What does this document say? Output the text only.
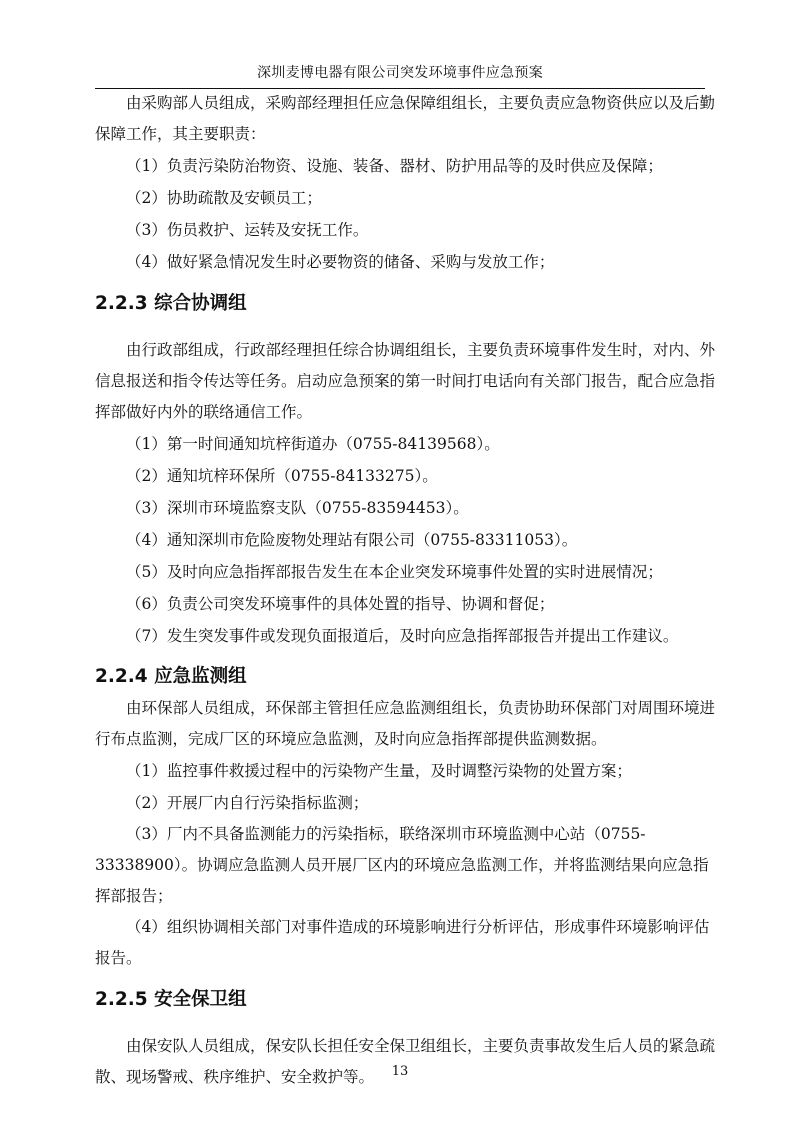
深圳麦博电器有限公司突发环境事件应急预案

由采购部人员组成，采购部经理担任应急保障组组长，主要负责应急物资供应以及后勤保障工作，其主要职责：

（1）负责污染防治物资、设施、装备、器材、防护用品等的及时供应及保障；

（2）协助疏散及安顿员工；

（3）伤员救护、运转及安抚工作。

（4）做好紧急情况发生时必要物资的储备、采购与发放工作；

2.2.3 综合协调组

由行政部组成，行政部经理担任综合协调组组长，主要负责环境事件发生时，对内、外信息报送和指令传达等任务。启动应急预案的第一时间打电话向有关部门报告，配合应急指挥部做好内外的联络通信工作。

（1）第一时间通知坑梓街道办（0755-84139568）。

（2）通知坑梓环保所（0755-84133275）。

（3）深圳市环境监察支队（0755-83594453）。

（4）通知深圳市危险废物处理站有限公司（0755-83311053）。

（5）及时向应急指挥部报告发生在本企业突发环境事件处置的实时进展情况；

（6）负责公司突发环境事件的具体处置的指导、协调和督促；

（7）发生突发事件或发现负面报道后，及时向应急指挥部报告并提出工作建议。

2.2.4 应急监测组

由环保部人员组成，环保部主管担任应急监测组组长，负责协助环保部门对周围环境进行布点监测，完成厂区的环境应急监测，及时向应急指挥部提供监测数据。

（1）监控事件救援过程中的污染物产生量，及时调整污染物的处置方案；

（2）开展厂内自行污染指标监测；

（3）厂内不具备监测能力的污染指标，联络深圳市环境监测中心站（0755-33338900）。协调应急监测人员开展厂区内的环境应急监测工作，并将监测结果向应急指挥部报告；

（4）组织协调相关部门对事件造成的环境影响进行分析评估，形成事件环境影响评估报告。

2.2.5 安全保卫组

由保安队人员组成，保安队长担任安全保卫组组长，主要负责事故发生后人员的紧急疏散、现场警戒、秩序维护、安全救护等。	13
